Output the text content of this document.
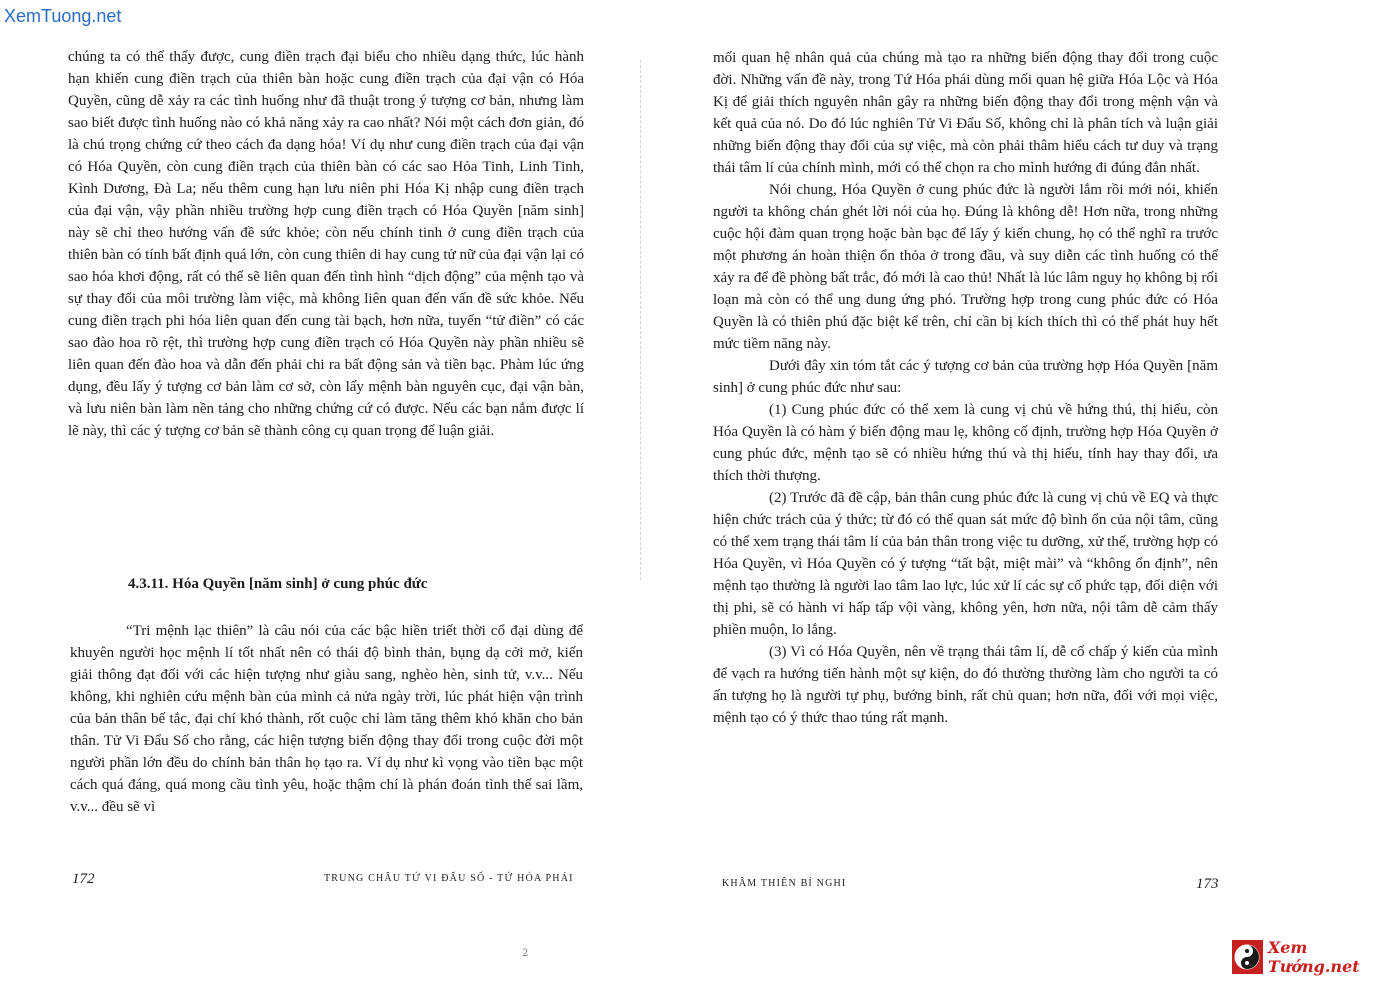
XemTuong.net

chúng ta có thể thấy được, cung điền trạch đại biểu cho nhiều dạng thức, lúc hành hạn khiến cung điền trạch của thiên bàn hoặc cung điền trạch của đại vận có Hóa Quyền, cũng dễ xảy ra các tình huống như đã thuật trong ý tượng cơ bản, nhưng làm sao biết được tình huống nào có khả năng xảy ra cao nhất? Nói một cách đơn giản, đó là chú trọng chứng cứ theo cách đa dạng hóa! Ví dụ như cung điền trạch của đại vận có Hóa Quyền, còn cung điền trạch của thiên bàn có các sao Hỏa Tinh, Linh Tinh, Kình Dương, Đà La; nếu thêm cung hạn lưu niên phi Hóa Kị nhập cung điền trạch của đại vận, vậy phần nhiều trường hợp cung điền trạch có Hóa Quyền [năm sinh] này sẽ chỉ theo hướng vấn đề sức khỏe; còn nếu chính tinh ở cung điền trạch của thiên bàn có tính bất định quá lớn, còn cung thiên di hay cung tử nữ của đại vận lại có sao hóa khơi động, rất có thể sẽ liên quan đến tình hình “dịch động” của mệnh tạo và sự thay đổi của môi trường làm việc, mà không liên quan đến vấn đề sức khỏe. Nếu cung điền trạch phi hóa liên quan đến cung tài bạch, hơn nữa, tuyến “tử điền” có các sao đào hoa rõ rệt, thì trường hợp cung điền trạch có Hóa Quyền này phần nhiều sẽ liên quan đến đào hoa và dẫn đến phải chi ra bất động sản và tiền bạc. Phàm lúc ứng dụng, đều lấy ý tượng cơ bản làm cơ sở, còn lấy mệnh bàn nguyên cục, đại vận bàn, và lưu niên bàn làm nền tảng cho những chứng cứ có được. Nếu các bạn nắm được lí lẽ này, thì các ý tượng cơ bản sẽ thành công cụ quan trọng để luận giải.

4.3.11. Hóa Quyền [năm sinh] ở cung phúc đức

“Tri mệnh lạc thiên” là câu nói của các bậc hiền triết thời cổ đại dùng để khuyên người học mệnh lí tốt nhất nên có thái độ bình thản, bụng dạ cởi mở, kiến giải thông đạt đối với các hiện tượng như giàu sang, nghèo hèn, sinh tử, v.v... Nếu không, khi nghiên cứu mệnh bàn của mình cả nửa ngày trời, lúc phát hiện vận trình của bản thân bế tắc, đại chí khó thành, rốt cuộc chỉ làm tăng thêm khó khăn cho bản thân. Tử Vi Đẩu Số cho rằng, các hiện tượng biến động thay đổi trong cuộc đời một người phần lớn đều do chính bản thân họ tạo ra. Ví dụ như kì vọng vào tiền bạc một cách quá đáng, quá mong cầu tình yêu, hoặc thậm chí là phán đoán tình thế sai lầm, v.v... đều sẽ vì

172	TRUNG CHÂU TỨ VI ĐẨU SỐ - TỨ HÓA PHÁI

mối quan hệ nhân quả của chúng mà tạo ra những biến động thay đổi trong cuộc đời. Những vấn đề này, trong Tứ Hóa phái dùng mối quan hệ giữa Hóa Lộc và Hóa Kị để giải thích nguyên nhân gây ra những biến động thay đổi trong mệnh vận và kết quả của nó. Do đó lúc nghiên Tử Vi Đẩu Số, không chỉ là phân tích và luận giải những biến động thay đổi của sự việc, mà còn phải thâm hiểu cách tư duy và trạng thái tâm lí của chính mình, mới có thể chọn ra cho mình hướng đi đúng đắn nhất.

Nói chung, Hóa Quyền ở cung phúc đức là người lắm rồi mới nói, khiến người ta không chán ghét lời nói của họ. Đúng là không dễ! Hơn nữa, trong những cuộc hội đàm quan trọng hoặc bàn bạc để lấy ý kiến chung, họ có thể nghĩ ra trước một phương án hoàn thiện ổn thỏa ở trong đầu, và suy diễn các tình huống có thể xảy ra để đề phòng bất trắc, đó mới là cao thủ! Nhất là lúc lâm nguy họ không bị rối loạn mà còn có thể ung dung ứng phó. Trường hợp trong cung phúc đức có Hóa Quyền là có thiên phú đặc biệt kể trên, chỉ cần bị kích thích thì có thể phát huy hết mức tiềm năng này.

Dưới đây xin tóm tắt các ý tượng cơ bản của trường hợp Hóa Quyền [năm sinh] ở cung phúc đức như sau:

(1) Cung phúc đức có thể xem là cung vị chủ về hứng thú, thị hiếu, còn Hóa Quyền là có hàm ý biến động mau lẹ, không cố định, trường hợp Hóa Quyền ở cung phúc đức, mệnh tạo sẽ có nhiều hứng thú và thị hiếu, tính hay thay đổi, ưa thích thời thượng.

(2) Trước đã đề cập, bản thân cung phúc đức là cung vị chủ về EQ và thực hiện chức trách của ý thức; từ đó có thể quan sát mức độ bình ổn của nội tâm, cũng có thể xem trạng thái tâm lí của bản thân trong việc tu dưỡng, xử thế, trường hợp có Hóa Quyền, vì Hóa Quyền có ý tượng “tất bật, miệt mài” và “không ổn định”, nên mệnh tạo thường là người lao tâm lao lực, lúc xử lí các sự cố phức tạp, đối diện với thị phi, sẽ có hành vi hấp tấp vội vàng, không yên, hơn nữa, nội tâm dễ cảm thấy phiền muộn, lo lắng.

(3) Vì có Hóa Quyền, nên về trạng thái tâm lí, dễ cố chấp ý kiến của mình để vạch ra hướng tiến hành một sự kiện, do đó thường thường làm cho người ta có ấn tượng họ là người tự phụ, bướng bỉnh, rất chủ quan; hơn nữa, đối với mọi việc, mệnh tạo có ý thức thao túng rất mạnh.

KHÂM THIÊN BÍ NGHI	173
2	Xem Tướng.net
